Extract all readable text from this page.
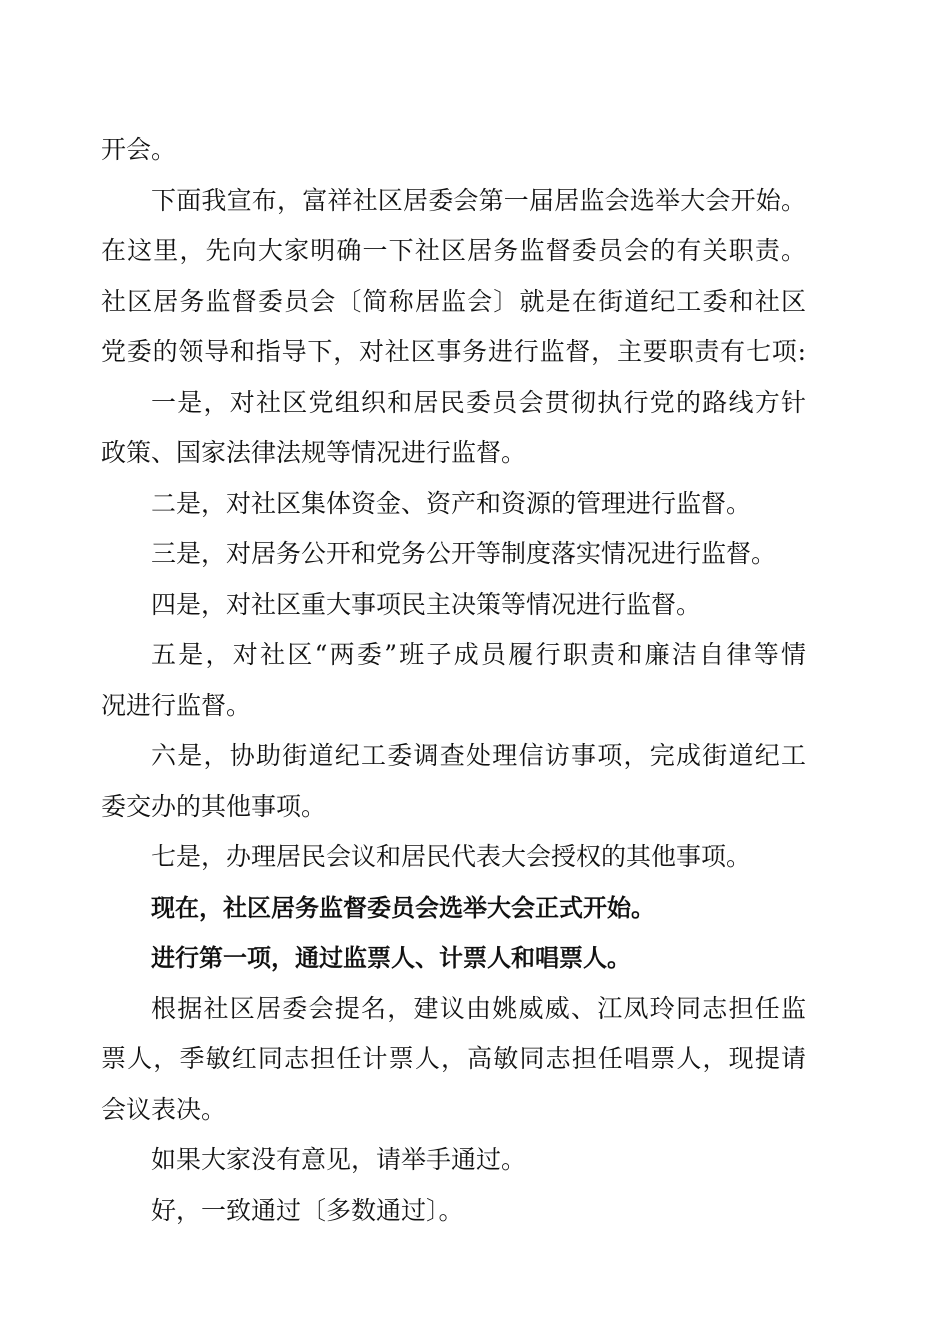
开会。
下面我宣布，富祥社区居委会第一届居监会选举大会开始。
在这里，先向大家明确一下社区居务监督委员会的有关职责。
社区居务监督委员会〔简称居监会〕就是在街道纪工委和社区
党委的领导和指导下，对社区事务进行监督，主要职责有七项:
一是，对社区党组织和居民委员会贯彻执行党的路线方针
政策、国家法律法规等情况进行监督。
二是，对社区集体资金、资产和资源的管理进行监督。
三是，对居务公开和党务公开等制度落实情况进行监督。
四是，对社区重大事项民主决策等情况进行监督。
五是，对社区“两委”班子成员履行职责和廉洁自律等情
况进行监督。
六是，协助街道纪工委调查处理信访事项，完成街道纪工
委交办的其他事项。
七是，办理居民会议和居民代表大会授权的其他事项。
现在，社区居务监督委员会选举大会正式开始。
进行第一项，通过监票人、计票人和唱票人。
根据社区居委会提名，建议由姚威威、江凤玲同志担任监
票人，季敏红同志担任计票人，高敏同志担任唱票人，现提请
会议表决。
如果大家没有意见，请举手通过。
好，一致通过〔多数通过〕。
